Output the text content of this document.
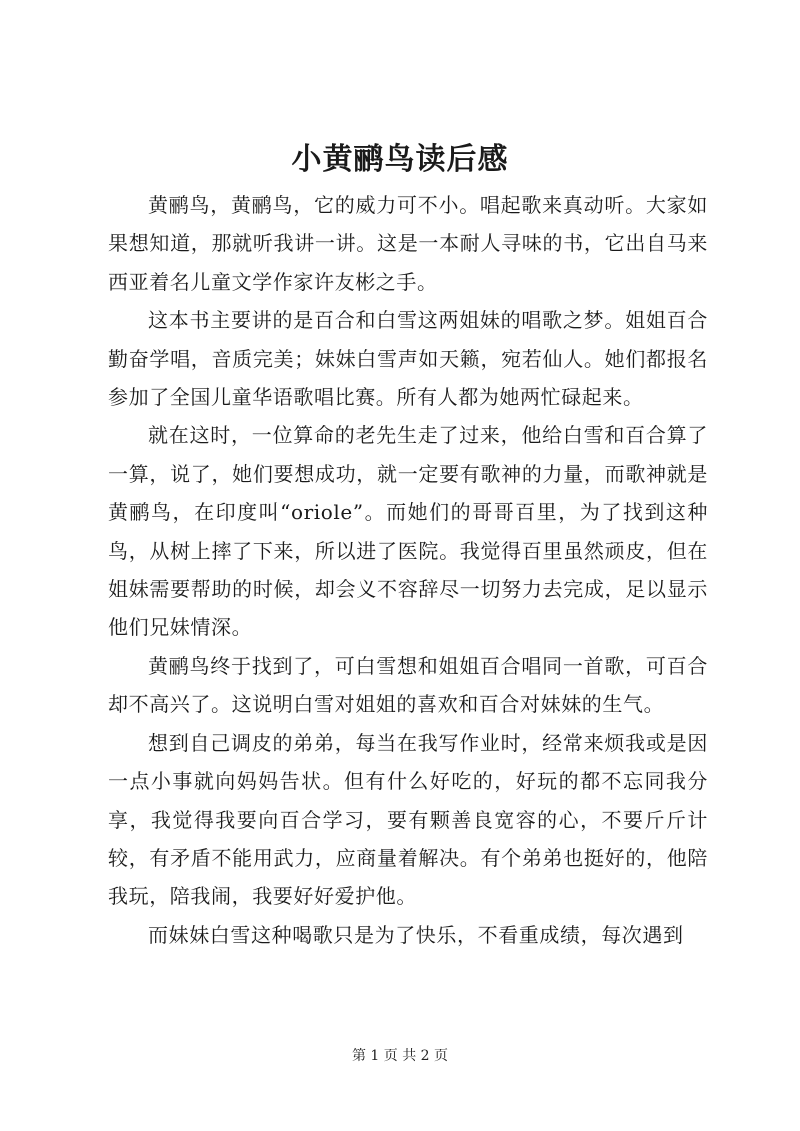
小黄鹂鸟读后感

黄鹂鸟，黄鹂鸟，它的威力可不小。唱起歌来真动听。大家如果想知道，那就听我讲一讲。这是一本耐人寻味的书，它出自马来西亚着名儿童文学作家许友彬之手。

这本书主要讲的是百合和白雪这两姐妹的唱歌之梦。姐姐百合勤奋学唱，音质完美；妹妹白雪声如天籁，宛若仙人。她们都报名参加了全国儿童华语歌唱比赛。所有人都为她两忙碌起来。

就在这时，一位算命的老先生走了过来，他给白雪和百合算了一算，说了，她们要想成功，就一定要有歌神的力量，而歌神就是黄鹂鸟，在印度叫“oriole”。而她们的哥哥百里，为了找到这种鸟，从树上摔了下来，所以进了医院。我觉得百里虽然顽皮，但在姐妹需要帮助的时候，却会义不容辞尽一切努力去完成，足以显示他们兄妹情深。

黄鹂鸟终于找到了，可白雪想和姐姐百合唱同一首歌，可百合却不高兴了。这说明白雪对姐姐的喜欢和百合对妹妹的生气。

想到自己调皮的弟弟，每当在我写作业时，经常来烦我或是因一点小事就向妈妈告状。但有什么好吃的，好玩的都不忘同我分享，我觉得我要向百合学习，要有颗善良宽容的心，不要斤斤计较，有矛盾不能用武力，应商量着解决。有个弟弟也挺好的，他陪我玩，陪我闹，我要好好爱护他。

而妹妹白雪这种喝歌只是为了快乐，不看重成绩，每次遇到

第 1 页 共 2 页
